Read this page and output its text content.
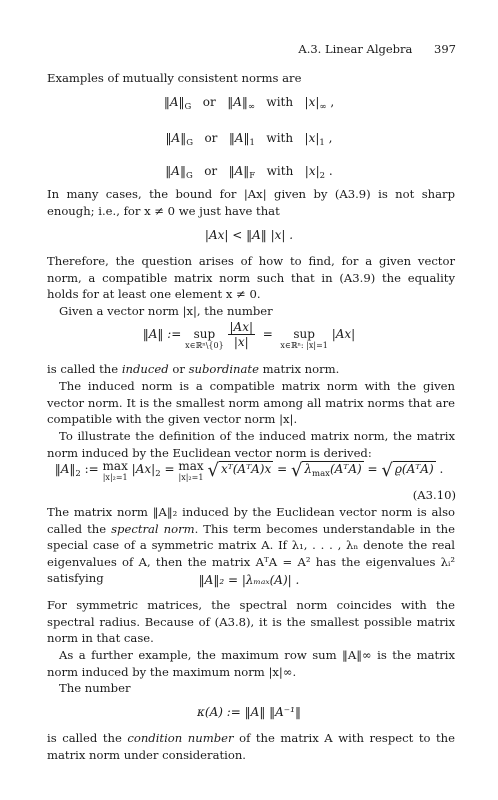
A.3. Linear Algebra 397
Examples of mutually consistent norms are
$‖A‖_G$ or $‖A‖_\infty$ with $|x|_\infty$ ,
$‖A‖_G$ or $‖A‖_1$ with $|x|_1$ ,
$‖A‖_G$ or $‖A‖_F$ with $|x|_2$ .
In many cases, the bound for |Ax| given by (A3.9) is not sharp enough; i.e., for x ≠ 0 we just have that
|Ax| < ‖A‖ |x| .
Therefore, the question arises of how to find, for a given vector norm, a compatible matrix norm such that in (A3.9) the equality holds for at least one element x ≠ 0.
Given a vector norm |x|, the number
‖A‖ := sup
x∈ℝⁿ\{0}
$\frac{|Ax|}{|x|}$ = sup
x∈ℝⁿ: |x|=1
|Ax|
is called the induced or subordinate matrix norm.
The induced norm is a compatible matrix norm with the given vector norm. It is the smallest norm among all matrix norms that are compatible with the given vector norm |x|.
To illustrate the definition of the induced matrix norm, the matrix norm induced by the Euclidean vector norm is derived:
$‖A‖_2$ := max
|x|₂=1
$|Ax|_2 = \max$
|x|₂=1 √ xᵀ(AᵀA)x = √ $\lambda_{max}(AᵀA)$ = √ ϱ(AᵀA) .
(A3.10)
The matrix norm ‖A‖₂ induced by the Euclidean vector norm is also called the spectral norm. This term becomes understandable in the special case of a symmetric matrix A. If λ₁, . . . , λₙ denote the real eigenvalues of A, then the matrix AᵀA = A² has the eigenvalues λᵢ² satisfying	‖A‖₂ = |λₘₐₓ(A)| .
For symmetric matrices, the spectral norm coincides with the spectral radius. Because of (A3.8), it is the smallest possible matrix norm in that case.
As a further example, the maximum row sum ‖A‖∞ is the matrix norm induced by the maximum norm |x|∞.
The number
κ(A) := ‖A‖ ‖A⁻¹‖
is called the condition number of the matrix A with respect to the matrix norm under consideration.
